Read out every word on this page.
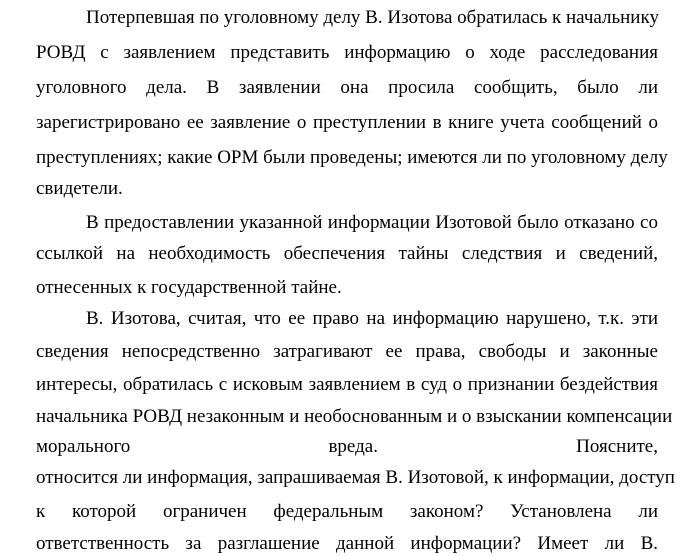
Потерпевшая по уголовному делу В. Изотова обратилась к начальнику
РОВД с заявлением представить информацию о ходе расследования
уголовного дела. В заявлении она просила сообщить, было ли
зарегистрировано ее заявление о преступлении в книге учета сообщений о
преступлениях; какие ОРМ были проведены; имеются ли по уголовному делу
свидетели.
В предоставлении указанной информации Изотовой было отказано со
ссылкой на необходимость обеспечения тайны следствия и сведений,
отнесенных к государственной тайне.
В. Изотова, считая, что ее право на информацию нарушено, т.к. эти
сведения непосредственно затрагивают ее права, свободы и законные
интересы, обратилась с исковым заявлением в суд о признании бездействия
начальника РОВД незаконным и необоснованным и о взыскании компенсации
морального вреда. Поясните,
относится ли информация, запрашиваемая В. Изотовой, к информации, доступ
к которой ограничен федеральным законом? Установлена ли
ответственность за разглашение данной информации? Имеет ли В.
